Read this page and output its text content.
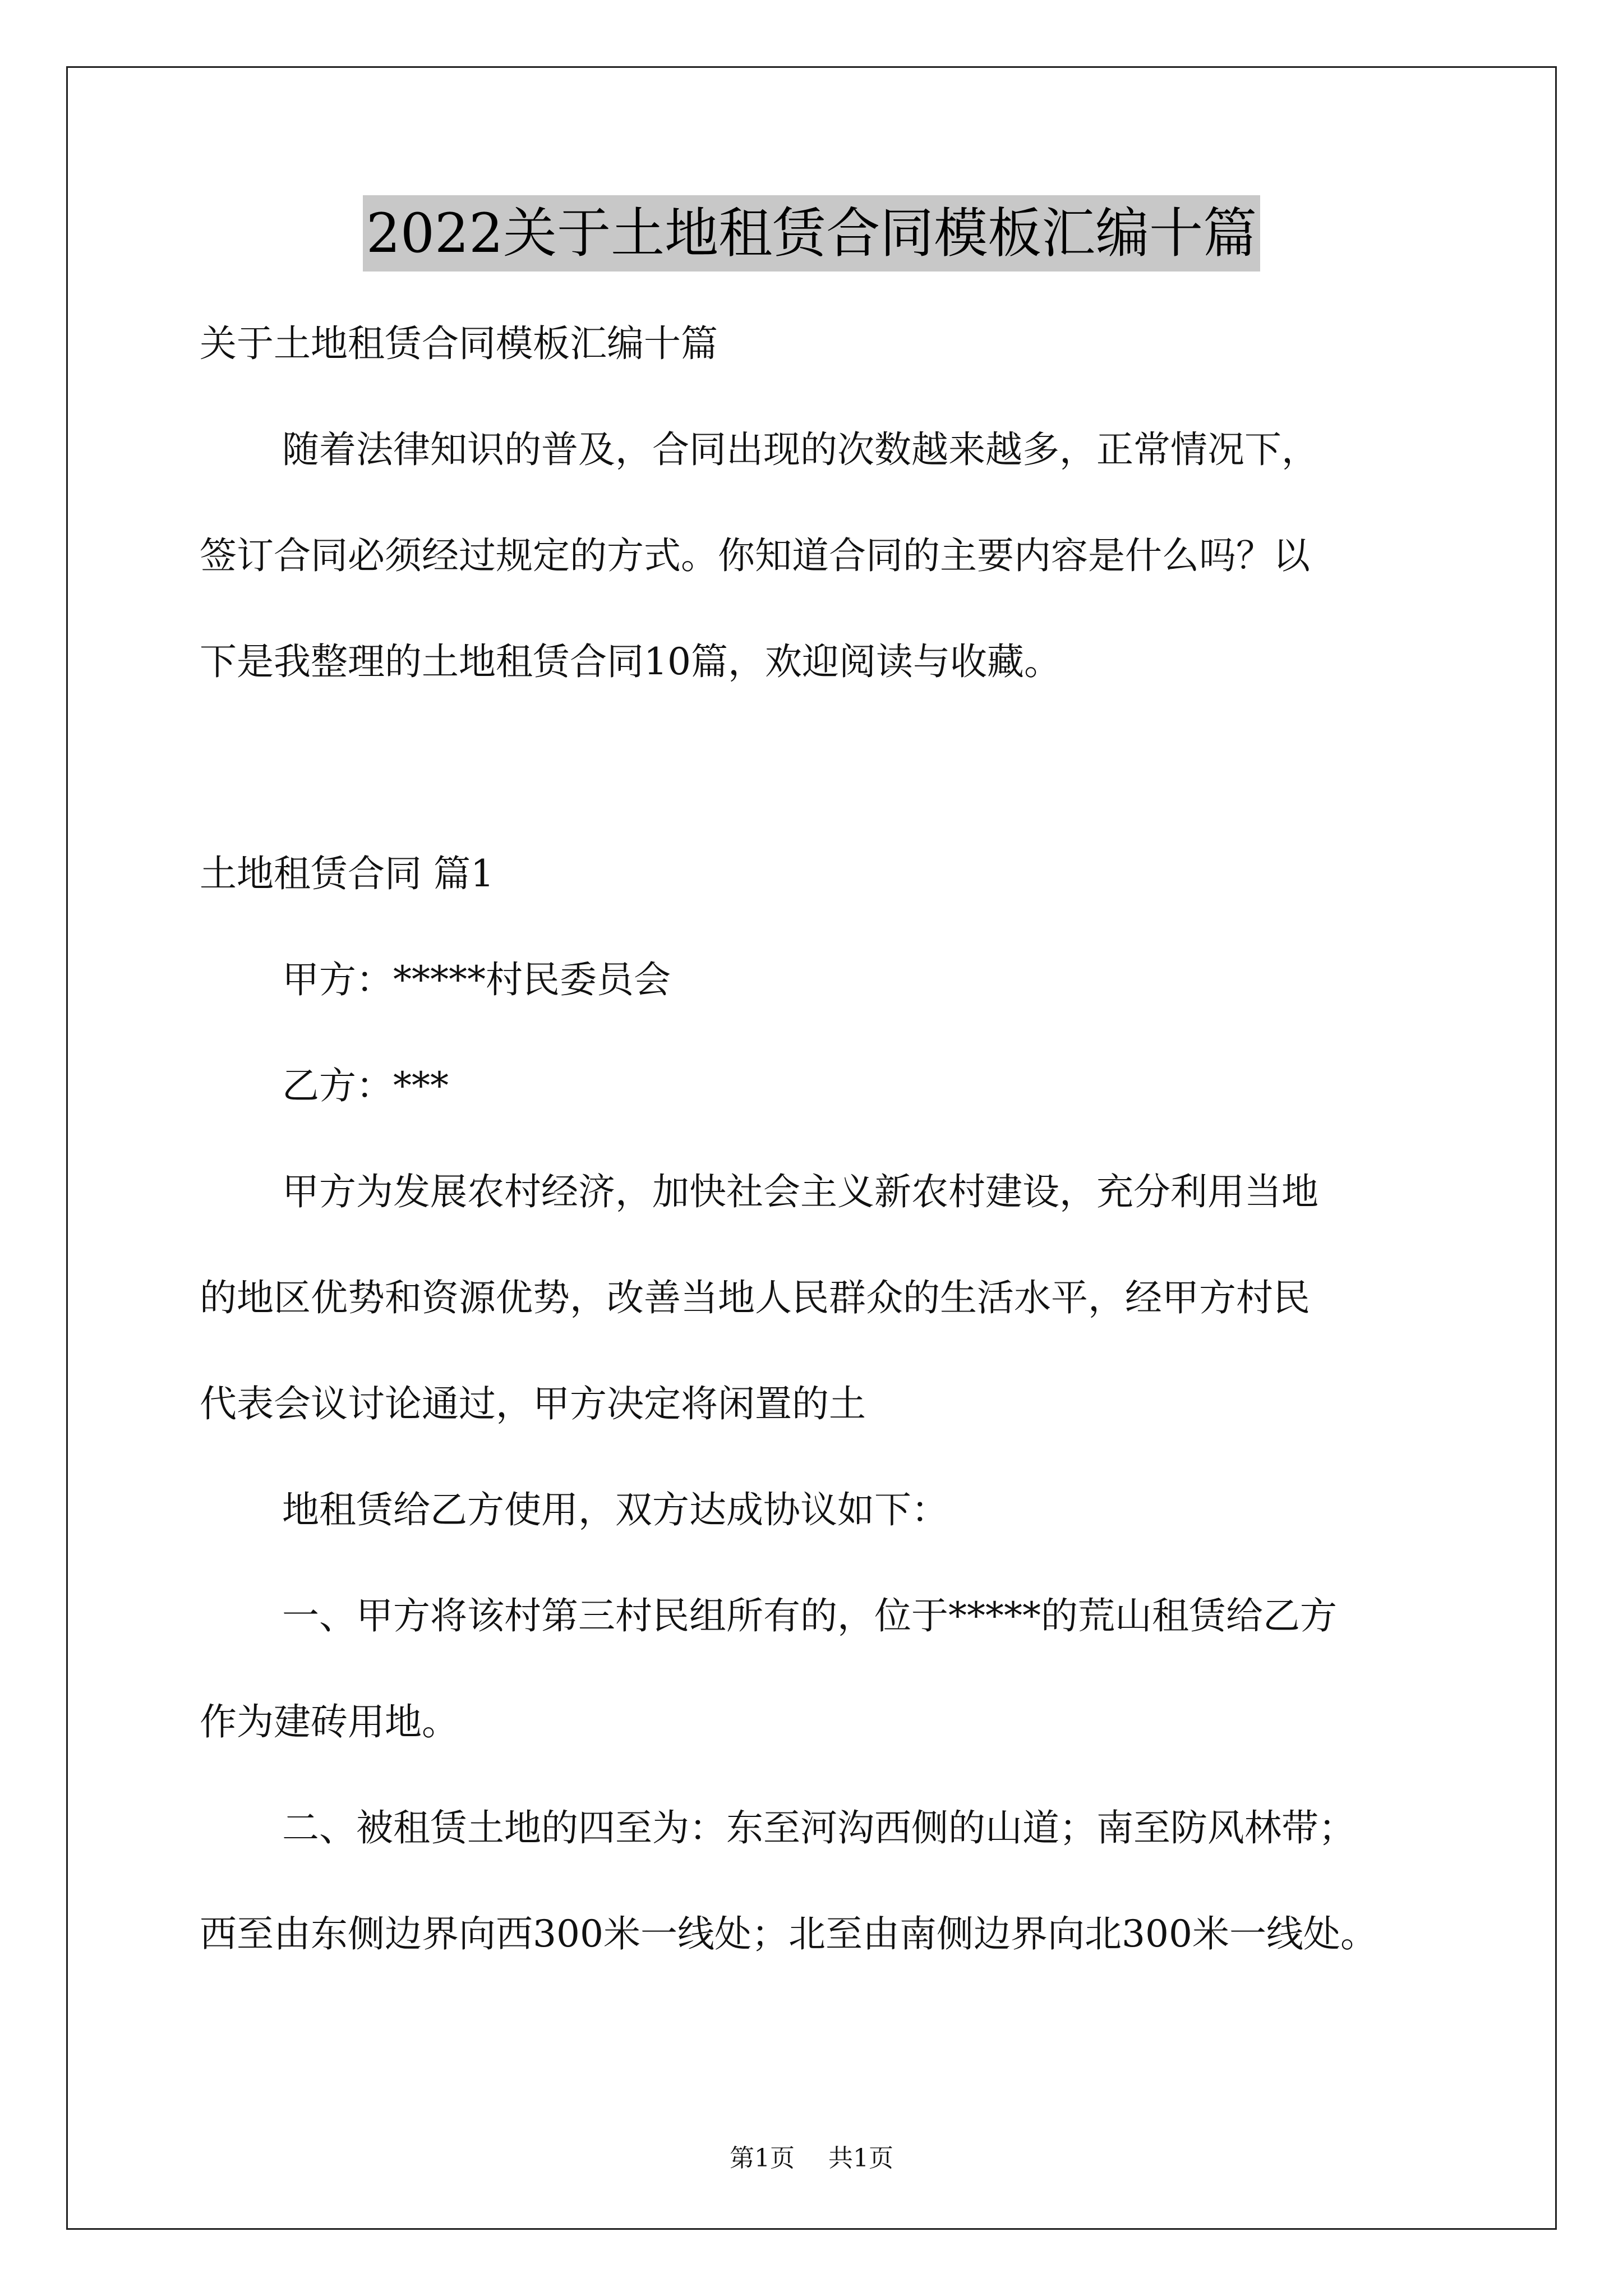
2022关于土地租赁合同模板汇编十篇
关于土地租赁合同模板汇编十篇
随着法律知识的普及，合同出现的次数越来越多，正常情况下，
签订合同必须经过规定的方式。你知道合同的主要内容是什么吗？以
下是我整理的土地租赁合同10篇，欢迎阅读与收藏。
土地租赁合同 篇1
甲方：*****村民委员会
乙方：***
甲方为发展农村经济，加快社会主义新农村建设，充分利用当地
的地区优势和资源优势，改善当地人民群众的生活水平，经甲方村民
代表会议讨论通过，甲方决定将闲置的土
地租赁给乙方使用，双方达成协议如下：
一、甲方将该村第三村民组所有的，位于*****的荒山租赁给乙方
作为建砖用地。
二、被租赁土地的四至为：东至河沟西侧的山道；南至防风林带；
西至由东侧边界向西300米一线处；北至由南侧边界向北300米一线处。
第1页 共1页
